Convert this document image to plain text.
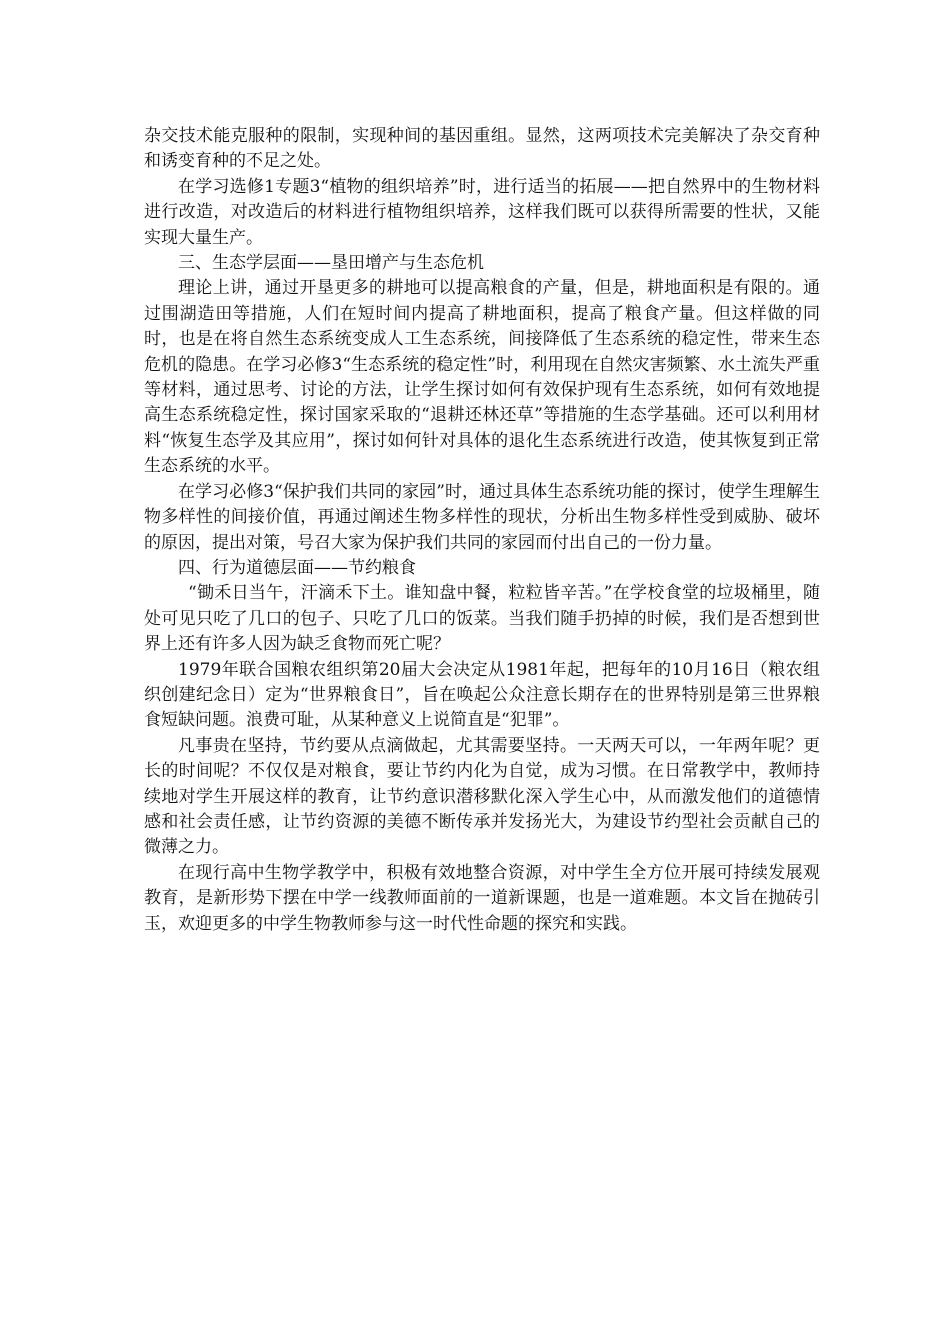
杂交技术能克服种的限制，实现种间的基因重组。显然，这两项技术完美解决了杂交育种和诱变育种的不足之处。

在学习选修1专题3“植物的组织培养”时，进行适当的拓展——把自然界中的生物材料进行改造，对改造后的材料进行植物组织培养，这样我们既可以获得所需要的性状，又能实现大量生产。

三、生态学层面——垦田增产与生态危机

理论上讲，通过开垦更多的耕地可以提高粮食的产量，但是，耕地面积是有限的。通过围湖造田等措施，人们在短时间内提高了耕地面积，提高了粮食产量。但这样做的同时，也是在将自然生态系统变成人工生态系统，间接降低了生态系统的稳定性，带来生态危机的隐患。在学习必修3“生态系统的稳定性”时，利用现在自然灾害频繁、水土流失严重等材料，通过思考、讨论的方法，让学生探讨如何有效保护现有生态系统，如何有效地提高生态系统稳定性，探讨国家采取的“退耕还林还草”等措施的生态学基础。还可以利用材料“恢复生态学及其应用”，探讨如何针对具体的退化生态系统进行改造，使其恢复到正常生态系统的水平。

在学习必修3“保护我们共同的家园”时，通过具体生态系统功能的探讨，使学生理解生物多样性的间接价值，再通过阐述生物多样性的现状，分析出生物多样性受到威胁、破坏的原因，提出对策，号召大家为保护我们共同的家园而付出自己的一份力量。

四、行为道德层面——节约粮食

“锄禾日当午，汗滴禾下土。谁知盘中餐，粒粒皆辛苦。”在学校食堂的垃圾桶里，随处可见只吃了几口的包子、只吃了几口的饭菜。当我们随手扔掉的时候，我们是否想到世界上还有许多人因为缺乏食物而死亡呢？

1979年联合国粮农组织第20届大会决定从1981年起，把每年的10月16日（粮农组织创建纪念日）定为“世界粮食日”，旨在唤起公众注意长期存在的世界特别是第三世界粮食短缺问题。浪费可耻，从某种意义上说简直是“犯罪”。

凡事贵在坚持，节约要从点滴做起，尤其需要坚持。一天两天可以，一年两年呢？更长的时间呢？不仅仅是对粮食，要让节约内化为自觉，成为习惯。在日常教学中，教师持续地对学生开展这样的教育，让节约意识潜移默化深入学生心中，从而激发他们的道德情感和社会责任感，让节约资源的美德不断传承并发扬光大，为建设节约型社会贡献自己的微薄之力。

在现行高中生物学教学中，积极有效地整合资源，对中学生全方位开展可持续发展观教育，是新形势下摆在中学一线教师面前的一道新课题，也是一道难题。本文旨在抛砖引玉，欢迎更多的中学生物教师参与这一时代性命题的探究和实践。
